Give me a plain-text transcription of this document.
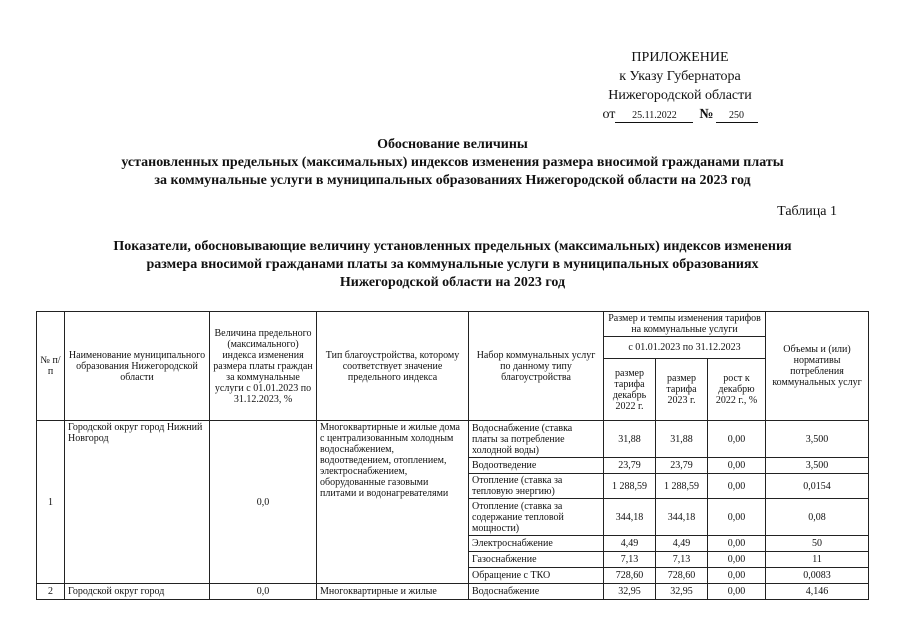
ПРИЛОЖЕНИЕ
к Указу Губернатора
Нижегородской области
от 25.11.2022 № 250
Обоснование величины
установленных предельных (максимальных) индексов изменения размера вносимой гражданами платы
за коммунальные услуги в муниципальных образованиях Нижегородской области на 2023 год
Таблица 1
Показатели, обосновывающие величину установленных предельных (максимальных) индексов изменения
размера вносимой гражданами платы за коммунальные услуги в муниципальных образованиях
Нижегородской области на 2023 год
№ п/п	Наименование муниципального образования Нижегородской области	Величина предельного (максимального) индекса изменения размера платы граждан за коммунальные услуги с 01.01.2023 по 31.12.2023, %	Тип благоустройства, которому соответствует значение предельного индекса	Набор коммунальных услуг по данному типу благоустройства	Размер и темпы изменения тарифов на коммунальные услуги			Объемы и (или) нормативы потребления коммунальных услуг
					с 01.01.2023 по 31.12.2023			
					размер тарифа декабрь 2022 г.	размер тарифа 2023 г.	рост к декабрю 2022 г., %	
1	Городской округ город Нижний Новгород	0,0	Многоквартирные и жилые дома с централизованным холодным водоснабжением, водоотведением, отоплением, электроснабжением, оборудованные газовыми плитами и водонагревателями	Водоснабжение (ставка платы за потребление холодной воды)	31,88	31,88	0,00	3,500
				Водоотведение	23,79	23,79	0,00	3,500
				Отопление (ставка за тепловую энергию)	1 288,59	1 288,59	0,00	0,0154
				Отопление (ставка за содержание тепловой мощности)	344,18	344,18	0,00	0,08
				Электроснабжение	4,49	4,49	0,00	50
				Газоснабжение	7,13	7,13	0,00	11
				Обращение с ТКО	728,60	728,60	0,00	0,0083
2	Городской округ город	0,0	Многоквартирные и жилые	Водоснабжение	32,95	32,95	0,00	4,146
